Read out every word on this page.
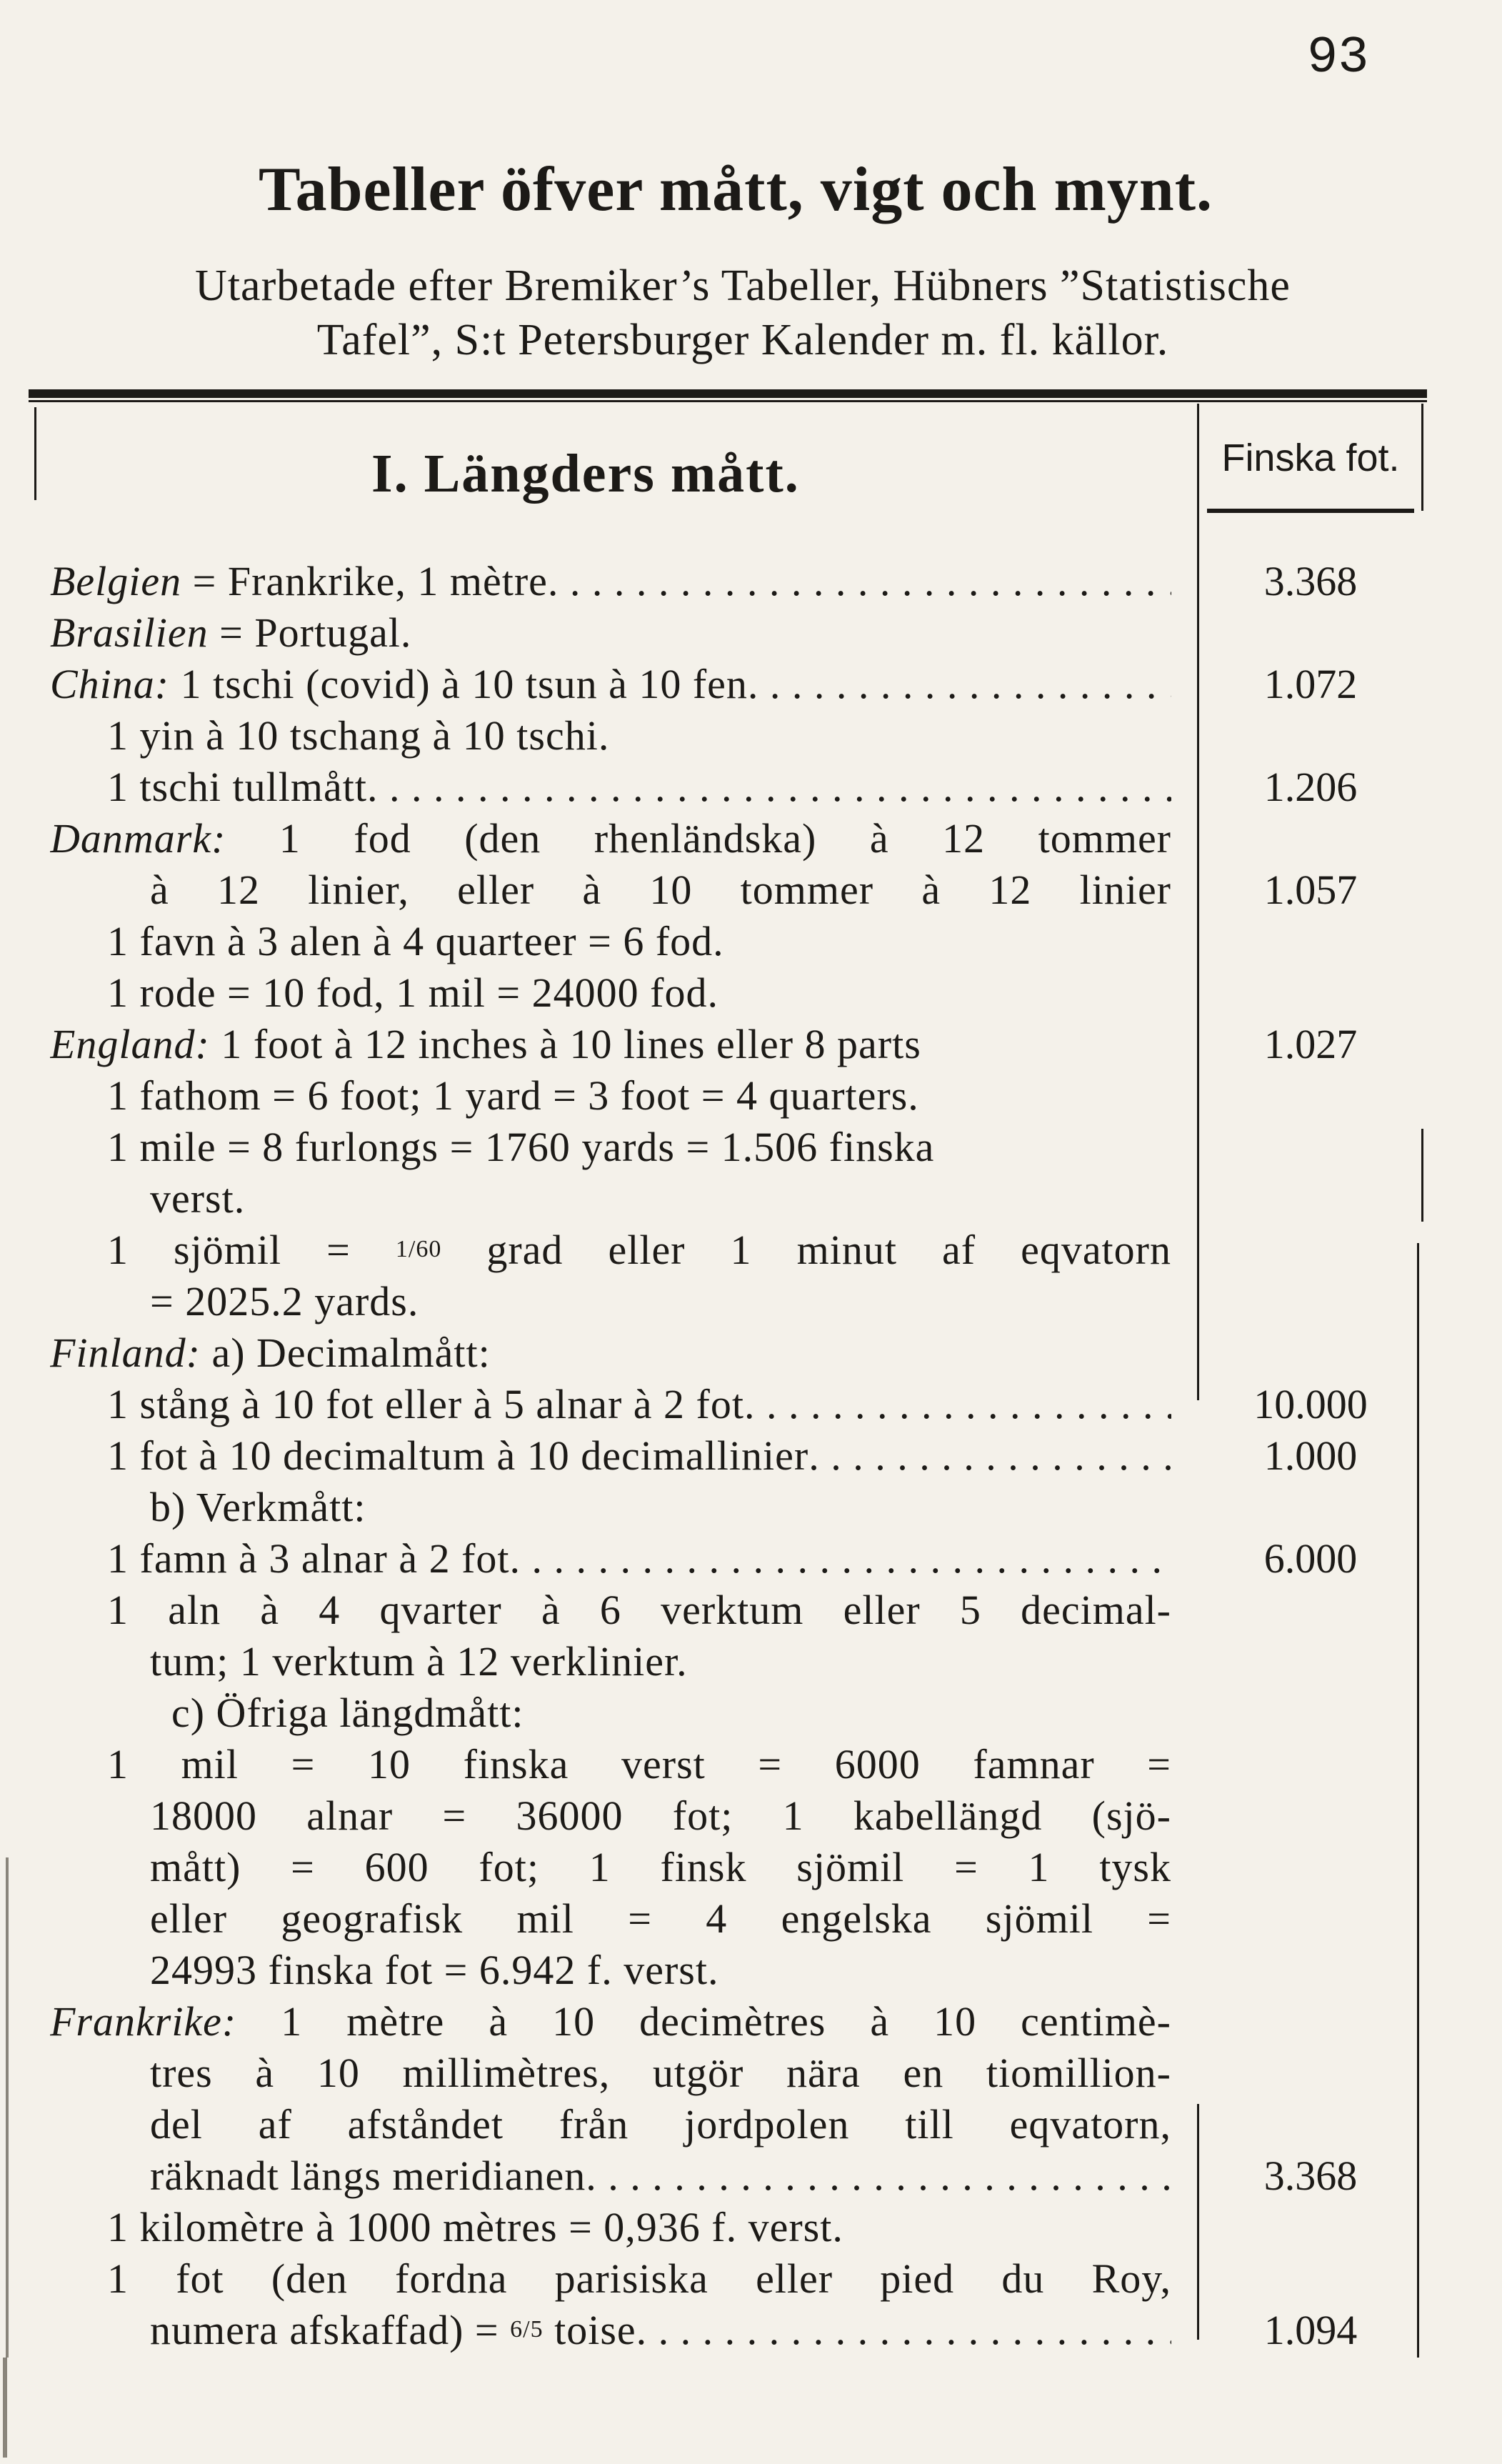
93
Tabeller öfver mått, vigt och mynt.
Utarbetade efter Bremiker’s Tabeller, Hübners ”Statistische
Tafel”, S:t Petersburger Kalender m. fl. källor.
Finska fot.
I. Längders mått.
Belgien = Frankrike, 1 mètre . . .	3.368
Brasilien = Portugal.
China: 1 tschi (covid) à 10 tsun à 10 fen . . .	1.072
1 yin à 10 tschang à 10 tschi.
1 tschi tullmått . . .	1.206
Danmark: 1 fod (den rhenländska) à 12 tommer
à 12 linier, eller à 10 tommer à 12 linier	1.057
1 favn à 3 alen à 4 quarteer = 6 fod.
1 rode = 10 fod, 1 mil = 24000 fod.
England: 1 foot à 12 inches à 10 lines eller 8 parts	1.027
1 fathom = 6 foot; 1 yard = 3 foot = 4 quarters.
1 mile = 8 furlongs = 1760 yards = 1.506 finska
verst.
1 sjömil = 1/60 grad eller 1 minut af eqvatorn
= 2025.2 yards.
Finland: a) Decimalmått:
1 stång à 10 fot eller à 5 alnar à 2 fot . . .	10.000
1 fot à 10 decimaltum à 10 decimallinier . . .	1.000
b) Verkmått:
1 famn à 3 alnar à 2 fot . . .	6.000
1 aln à 4 qvarter à 6 verktum eller 5 decimal-
tum; 1 verktum à 12 verklinier.
c) Öfriga längdmått:
1 mil = 10 finska verst = 6000 famnar =
18000 alnar = 36000 fot; 1 kabellängd (sjö-
mått) = 600 fot; 1 finsk sjömil = 1 tysk
eller geografisk mil = 4 engelska sjömil =
24993 finska fot = 6.942 f. verst.
Frankrike: 1 mètre à 10 decimètres à 10 centimè-
tres à 10 millimètres, utgör nära en tiomillion-
del af afståndet från jordpolen till eqvatorn,
räknadt längs meridianen . . .	3.368
1 kilomètre à 1000 mètres = 0,936 f. verst.
1 fot (den fordna parisiska eller pied du Roy,
numera afskaffad) = 6/5 toise . . .	1.094
